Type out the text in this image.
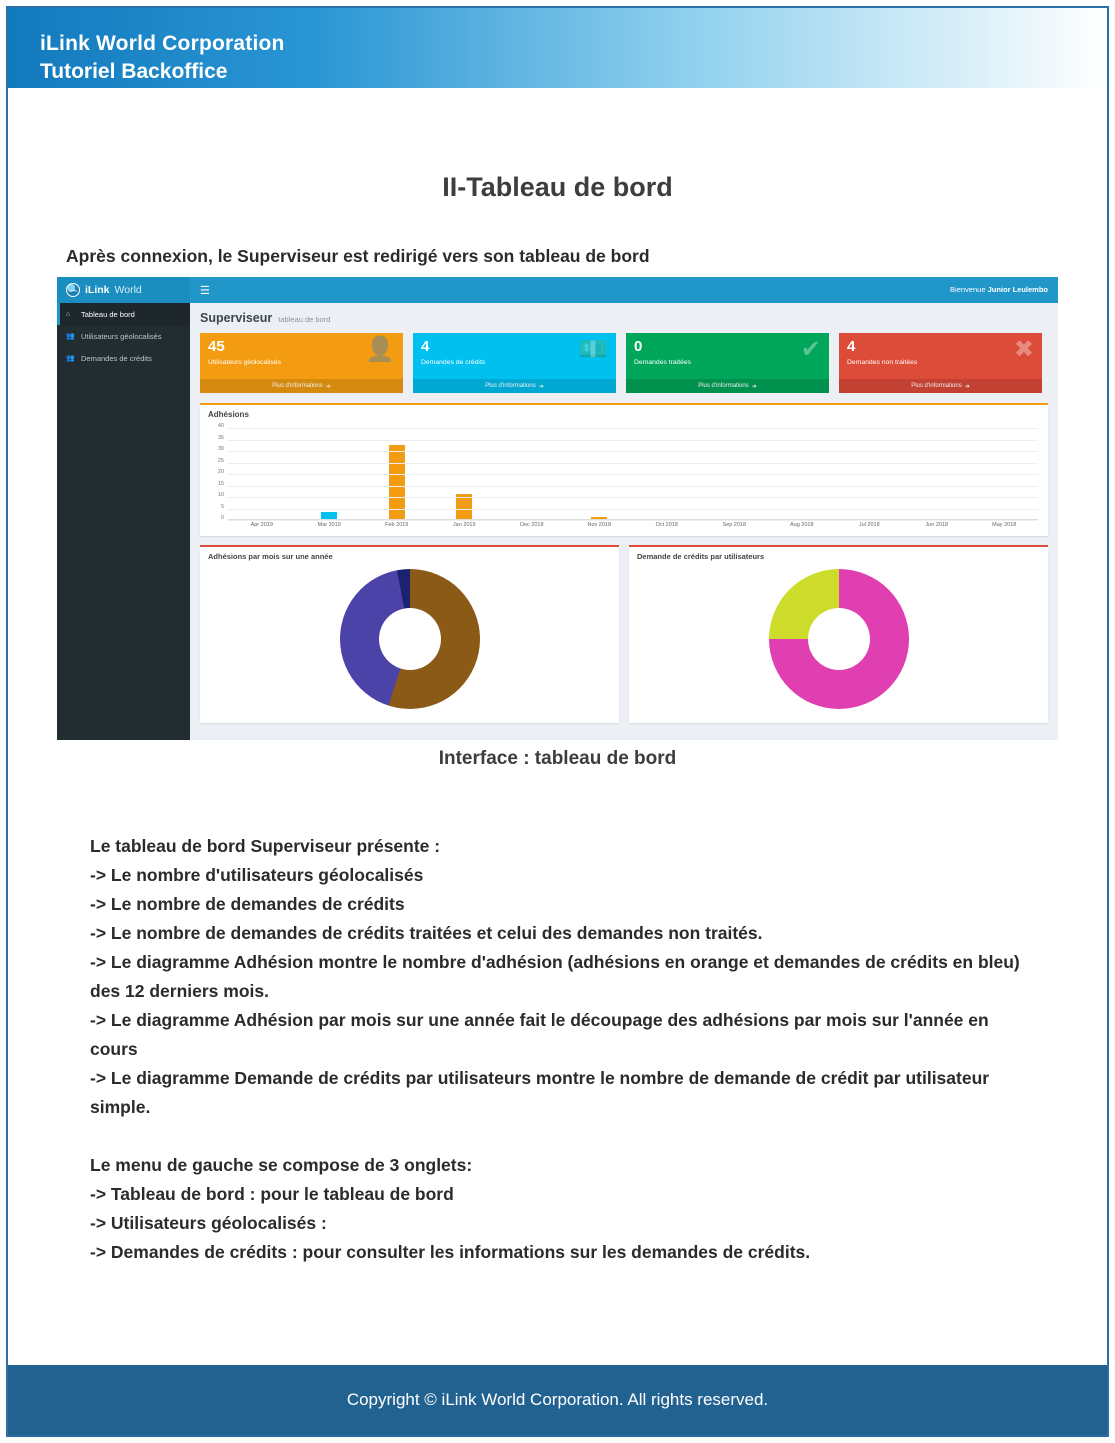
iLink World Corporation
Tutoriel Backoffice
II-Tableau de bord
Après connexion, le Superviseur est redirigé vers son tableau de bord
iLink World	☰	Bienvenue Junior Leulembo
⌂	Tableau de bord
👥 Utilisateurs géolocalisés
👥 Demandes de crédits
Superviseur tableau de bord
45
Utilisateurs géolocalisés	👤
Plus d'informations ➔
4
Demandes de crédits	💵
Plus d'informations ➔
0
Demandes traitées	✔
Plus d'informations ➔
4
Demandes non traitées	✖
Plus d'informations ➔
Adhésions
40
35
30
25
20
15
10
5
0
Apr 2019	Mar 2019	Feb 2019	Jan 2019	Dec 2018	Nov 2018	Oct 2018	Sep 2018	Aug 2018	Jul 2018	Jun 2018	May 2018
Adhésions par mois sur une année	Demande de crédits par utilisateurs
Interface : tableau de bord

Le tableau de bord Superviseur présente :

-> Le nombre d'utilisateurs géolocalisés

-> Le nombre de demandes de crédits

-> Le nombre de demandes de crédits traitées et celui des demandes non traités.

-> Le diagramme Adhésion montre le nombre d'adhésion (adhésions en orange et demandes de crédits en bleu) des 12 derniers mois.

-> Le diagramme Adhésion par mois sur une année fait le découpage des adhésions par mois sur l'année en cours

-> Le diagramme Demande de crédits par utilisateurs montre le nombre de demande de crédit par utilisateur simple.

Le menu de gauche se compose de 3 onglets:

-> Tableau de bord : pour le tableau de bord

-> Utilisateurs géolocalisés :

-> Demandes de crédits : pour consulter les informations sur les demandes de crédits.

Copyright © iLink World Corporation. All rights reserved.
